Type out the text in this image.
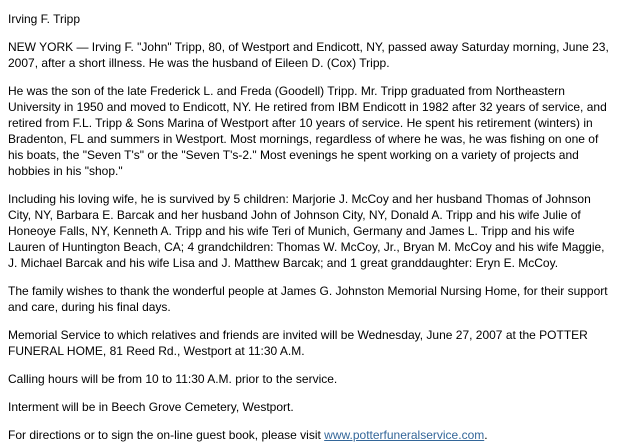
Irving F. Tripp

NEW YORK — Irving F. "John" Tripp, 80, of Westport and Endicott, NY, passed away Saturday morning, June 23, 2007, after a short illness. He was the husband of Eileen D. (Cox) Tripp.

He was the son of the late Frederick L. and Freda (Goodell) Tripp. Mr. Tripp graduated from Northeastern University in 1950 and moved to Endicott, NY. He retired from IBM Endicott in 1982 after 32 years of service, and retired from F.L. Tripp & Sons Marina of Westport after 10 years of service. He spent his retirement (winters) in Bradenton, FL and summers in Westport. Most mornings, regardless of where he was, he was fishing on one of his boats, the "Seven T's" or the "Seven T's-2." Most evenings he spent working on a variety of projects and hobbies in his "shop."

Including his loving wife, he is survived by 5 children: Marjorie J. McCoy and her husband Thomas of Johnson City, NY, Barbara E. Barcak and her husband John of Johnson City, NY, Donald A. Tripp and his wife Julie of Honeoye Falls, NY, Kenneth A. Tripp and his wife Teri of Munich, Germany and James L. Tripp and his wife Lauren of Huntington Beach, CA; 4 grandchildren: Thomas W. McCoy, Jr., Bryan M. McCoy and his wife Maggie, J. Michael Barcak and his wife Lisa and J. Matthew Barcak; and 1 great granddaughter: Eryn E. McCoy.

The family wishes to thank the wonderful people at James G. Johnston Memorial Nursing Home, for their support and care, during his final days.

Memorial Service to which relatives and friends are invited will be Wednesday, June 27, 2007 at the POTTER FUNERAL HOME, 81 Reed Rd., Westport at 11:30 A.M.

Calling hours will be from 10 to 11:30 A.M. prior to the service.

Interment will be in Beech Grove Cemetery, Westport.

For directions or to sign the on-line guest book, please visit www.potterfuneralservice.com.
